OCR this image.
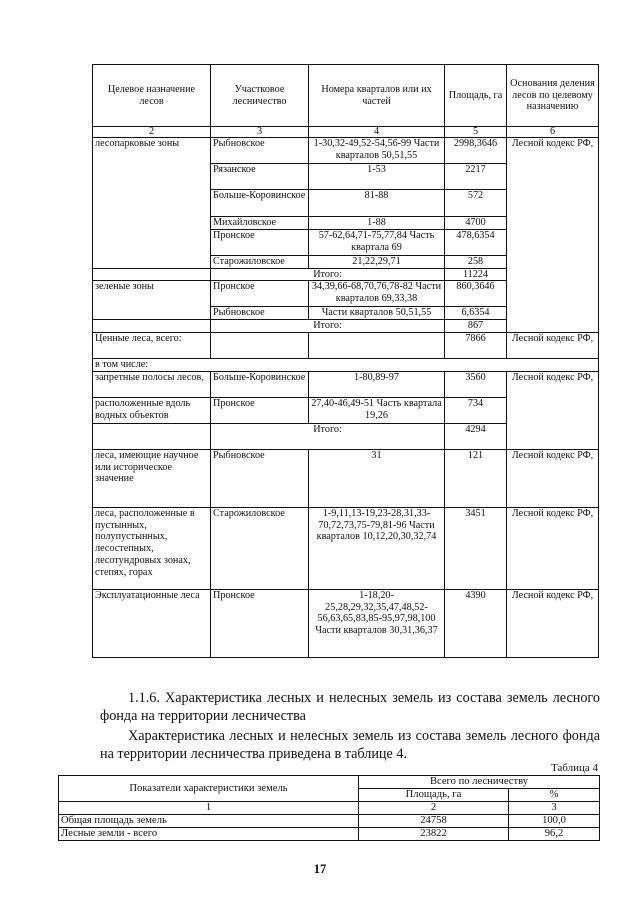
Целевое назначение лесов	Участковое лесничество	Номера кварталов или их частей	Площадь, га	Основания деления лесов по целевому назначению
2	3	4	5	6
лесопарковые зоны	Рыбновское	1-30,32-49,52-54,56-99 Части кварталов 50,51,55	2998,3646	Лесной кодекс РФ,
	Рязанское	1-53	2217	
	Больше-Коровинское	81-88	572	
	Михайловское	1-88	4700	
	Пронское	57-62,64,71-75,77,84 Часть квартала 69	478,6354	
	Старожиловское	21,22,29,71	258	
	Итого:		11224	
зеленые зоны	Пронское	34,39,66-68,70,76,78-82 Части кварталов 69,33,38	860,3646	
	Рыбновское	Части кварталов 50,51,55	6,6354	
	Итого:		867	
Ценные леса, всего:			7866	Лесной кодекс РФ,
в том числе:				
запретные полосы лесов,	Больше-Коровинское	1-80,89-97	3560	Лесной кодекс РФ,
расположенные вдоль водных объектов	Пронское	27,40-46,49-51 Часть квартала 19,26	734	
	Итого:		4294	
леса, имеющие научное или историческое значение	Рыбновское	31	121	Лесной кодекс РФ,
леса, расположенные в пустынных, полупустынных, лесостепных, лесотундровых зонах, степях, горах	Старожиловское	1-9,11,13-19,23-28,31,33-70,72,73,75-79,81-96 Части кварталов 10,12,20,30,32,74	3451	Лесной кодекс РФ,
Эксплуатационные леса	Пронское	1-18,20-25,28,29,32,35,47,48,52-56,63,65,83,85-95,97,98,100 Части кварталов 30,31,36,37	4390	Лесной кодекс РФ,

1.1.6. Характеристика лесных и нелесных земель из состава земель лесного фонда на территории лесничества

Характеристика лесных и нелесных земель из состава земель лесного фонда на территории лесничества приведена в таблице 4.

Таблица 4
Показатели характеристики земель	Всего по лесничеству	
	Площадь, га	%
1	2	3
Общая площадь земель	24758	100,0
Лесные земли - всего	23822	96,2
17
